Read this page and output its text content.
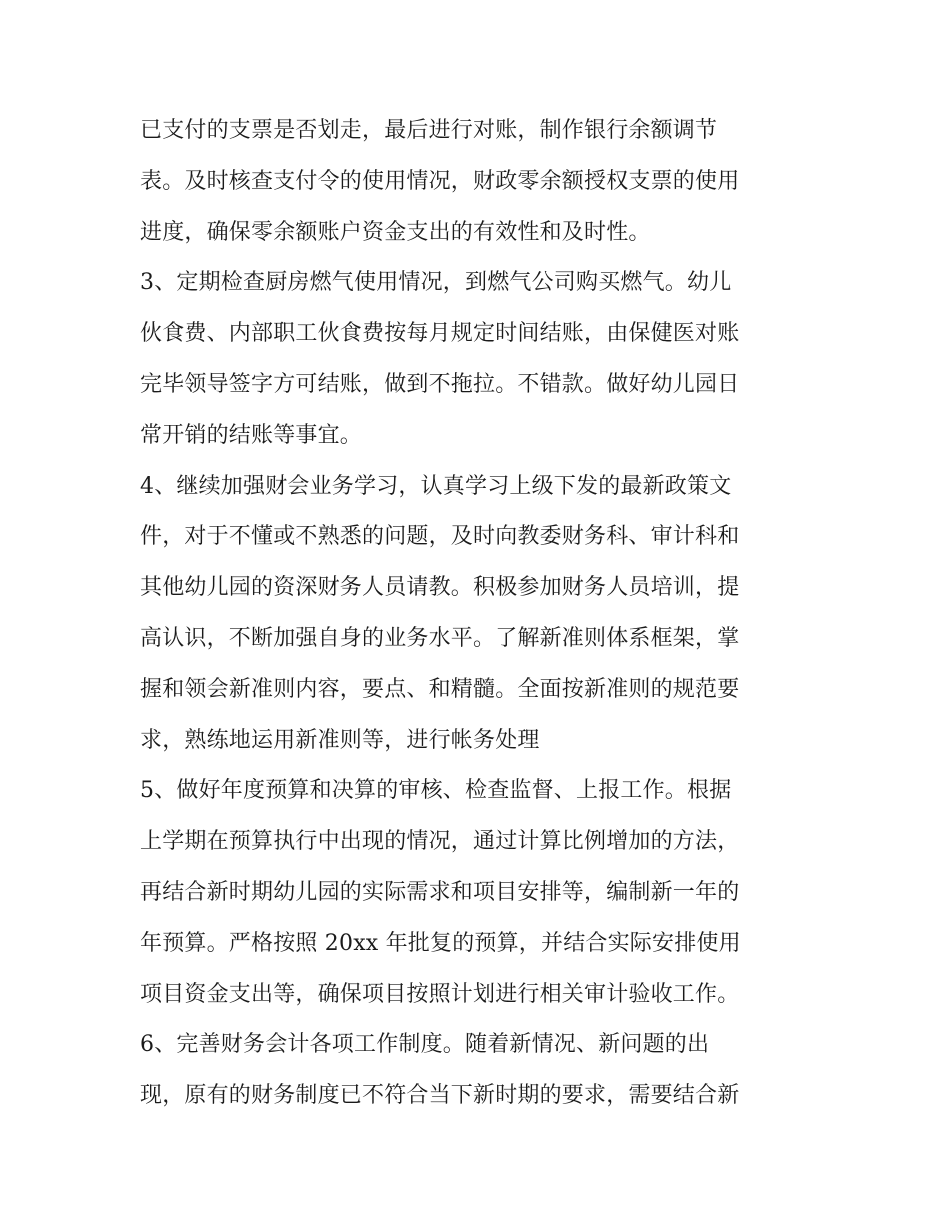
已支付的支票是否划走，最后进行对账，制作银行余额调节
表。及时核查支付令的使用情况，财政零余额授权支票的使用
进度，确保零余额账户资金支出的有效性和及时性。
3、定期检查厨房燃气使用情况，到燃气公司购买燃气。幼儿
伙食费、内部职工伙食费按每月规定时间结账，由保健医对账
完毕领导签字方可结账，做到不拖拉。不错款。做好幼儿园日
常开销的结账等事宜。
4、继续加强财会业务学习，认真学习上级下发的最新政策文
件，对于不懂或不熟悉的问题，及时向教委财务科、审计科和
其他幼儿园的资深财务人员请教。积极参加财务人员培训，提
高认识，不断加强自身的业务水平。了解新准则体系框架，掌
握和领会新准则内容，要点、和精髓。全面按新准则的规范要
求，熟练地运用新准则等，进行帐务处理
5、做好年度预算和决算的审核、检查监督、上报工作。根据
上学期在预算执行中出现的情况，通过计算比例增加的方法，
再结合新时期幼儿园的实际需求和项目安排等，编制新一年的
年预算。严格按照 20xx 年批复的预算，并结合实际安排使用
项目资金支出等，确保项目按照计划进行相关审计验收工作。
6、完善财务会计各项工作制度。随着新情况、新问题的出
现，原有的财务制度已不符合当下新时期的要求，需要结合新
